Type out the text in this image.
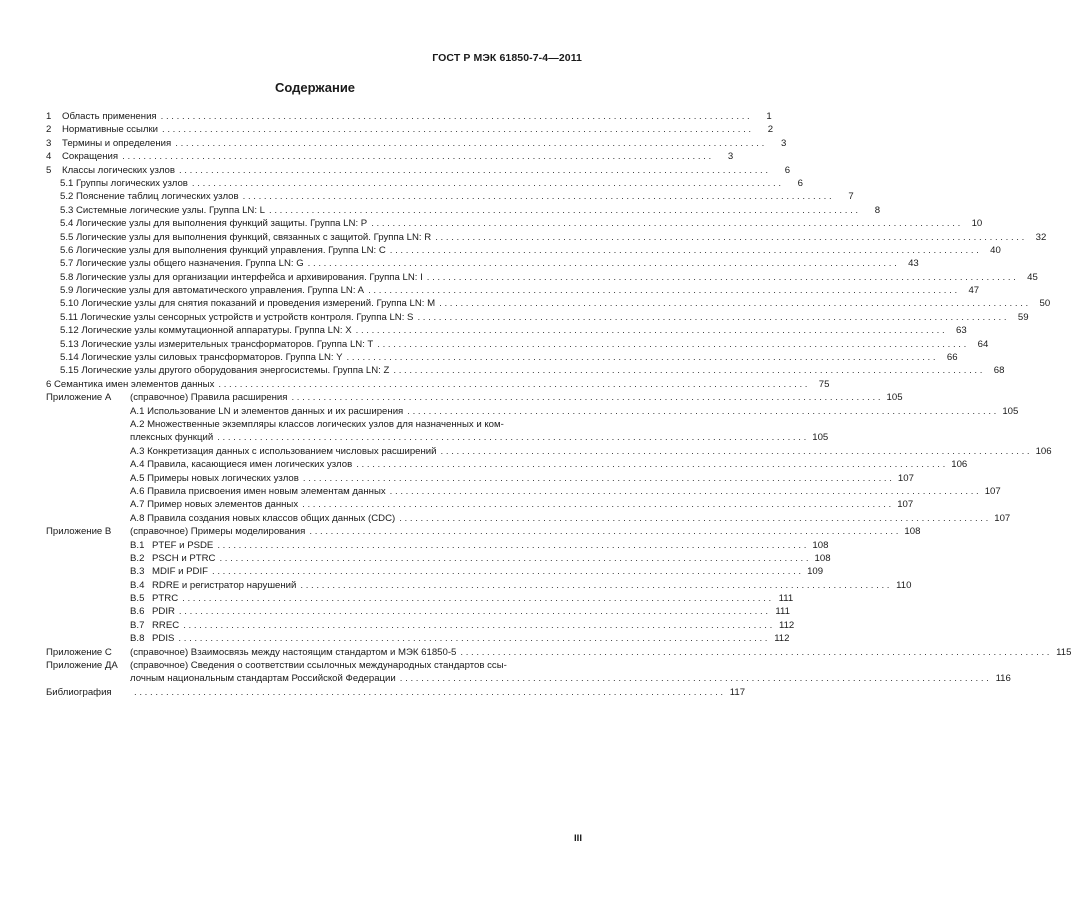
ГОСТ Р МЭК 61850-7-4—2011
Содержание
1 Область применения . . .	1
2 Нормативные ссылки . . .	2
3 Термины и определения . . .	3
4 Сокращения . . .	3
5 Классы логических узлов . . .	6
5.1 Группы логических узлов . . .	6
5.2 Пояснение таблиц логических узлов . . .	7
5.3 Системные логические узлы. Группа LN: L . . .	8
5.4 Логические узлы для выполнения функций защиты. Группа LN: P . . .	10
5.5 Логические узлы для выполнения функций, связанных с защитой. Группа LN: R . . .	32
5.6 Логические узлы для выполнения функций управления. Группа LN: C . . .	40
5.7 Логические узлы общего назначения. Группа LN: G . . .	43
5.8 Логические узлы для организации интерфейса и архивирования. Группа LN: I . . .	45
5.9 Логические узлы для автоматического управления. Группа LN: A . . .	47
5.10 Логические узлы для снятия показаний и проведения измерений. Группа LN: M . . .	50
5.11 Логические узлы сенсорных устройств и устройств контроля. Группа LN: S . . .	59
5.12 Логические узлы коммутационной аппаратуры. Группа LN: X . . .	63
5.13 Логические узлы измерительных трансформаторов. Группа LN: T . . .	64
5.14 Логические узлы силовых трансформаторов. Группа LN: Y . . .	66
5.15 Логические узлы другого оборудования энергосистемы. Группа LN: Z . . .	68
6 Семантика имен элементов данных . . .	75
Приложение А (справочное) Правила расширения . . .	105
A.1 Использование LN и элементов данных и их расширения . . .	105
A.2 Множественные экземпляры классов логических узлов для назначенных и ком-
плексных функций . . .	105
A.3 Конкретизация данных с использованием числовых расширений . . .	106
A.4 Правила, касающиеся имен логических узлов . . .	106
A.5 Примеры новых логических узлов . . .	107
A.6 Правила присвоения имен новым элементам данных . . .	107
A.7 Пример новых элементов данных . . .	107
A.8 Правила создания новых классов общих данных (CDC) . . .	107
Приложение В (справочное) Примеры моделирования . . .	108
B.1 PTEF и PSDE . . .	108
B.2 PSCH и PTRC . . .	108
B.3 MDIF и PDIF . . .	109
B.4 RDRE и регистратор нарушений . . .	110
B.5 PTRC . . .	111
B.6 PDIR . . .	111
B.7 RREC . . .	112
B.8 PDIS . . .	112
Приложение С (справочное) Взаимосвязь между настоящим стандартом и МЭК 61850-5 . . .	115
Приложение ДА (справочное) Сведения о соответствии ссылочных международных стандартов ссы-
лочным национальным стандартам Российской Федерации . . .	116
Библиография . . .	117
III
